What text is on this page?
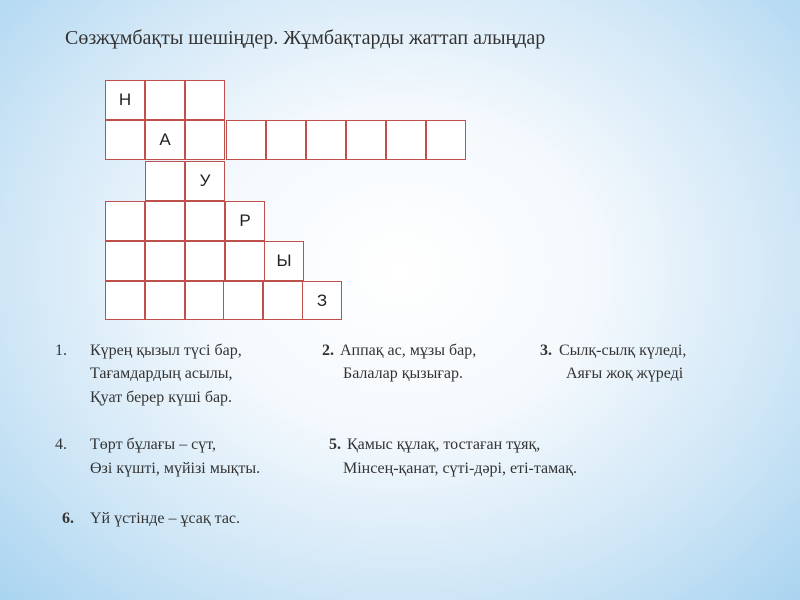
Сөзжұмбақты шешіңдер. Жұмбақтарды жаттап алыңдар
Н
А
У
Р
Ы
З
1. Күрең қызыл түсі бар,
Тағамдардың асылы,
Қуат берер күші бар.
2. Аппақ ас, мұзы бар,
Балалар қызығар.
3. Сылқ-сылқ күледі,
Аяғы жоқ жүреді
4. Төрт бұлағы – сүт,
Өзі күшті, мүйізі мықты.
5. Қамыс құлақ, тостаған тұяқ,
Мінсең-қанат, сүті-дәрі, еті-тамақ.
6. Үй үстінде – ұсақ тас.
